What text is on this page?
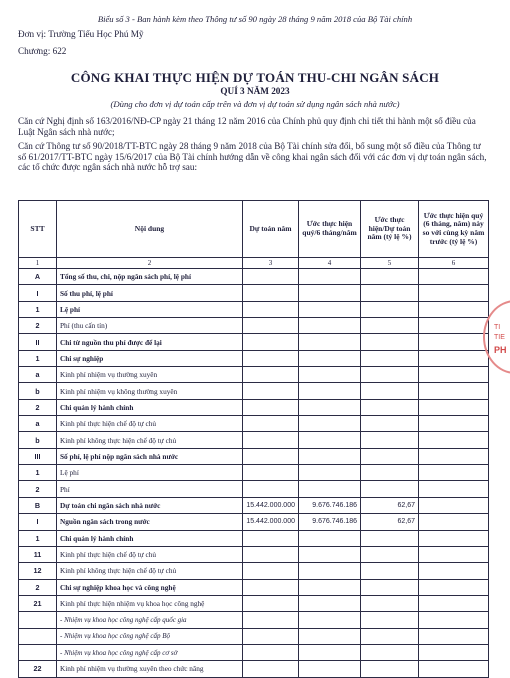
Biểu số 3 - Ban hành kèm theo Thông tư số 90 ngày 28 tháng 9 năm 2018 của Bộ Tài chính
Đơn vị: Trường Tiểu Học Phú Mỹ
Chương: 622
CÔNG KHAI THỰC HIỆN DỰ TOÁN THU-CHI NGÂN SÁCH
QUÍ 3 NĂM 2023
(Dùng cho đơn vị dự toán cấp trên và đơn vị dự toán sử dụng ngân sách nhà nước)
Căn cứ Nghị định số 163/2016/NĐ-CP ngày 21 tháng 12 năm 2016 của Chính phủ quy định chi tiết thi hành một số điều của Luật Ngân sách nhà nước;
Căn cứ Thông tư số 90/2018/TT-BTC ngày 28 tháng 9 năm 2018 của Bộ Tài chính sửa đổi, bổ sung một số điều của Thông tư số 61/2017/TT-BTC ngày 15/6/2017 của Bộ Tài chính hướng dẫn về công khai ngân sách đối với các đơn vị dự toán ngân sách, các tổ chức được ngân sách nhà nước hỗ trợ sau:
STT	Nội dung	Dự toán năm	Ước thực hiện quý/6 tháng/năm	Ước thực hiện/Dự toán năm (tỷ lệ %)	Ước thực hiện quý (6 tháng, năm) này so với cùng kỳ năm trước (tỷ lệ %)
1	2	3	4	5	6
A	Tổng số thu, chi, nộp ngân sách phí, lệ phí				
I	Số thu phí, lệ phí				
1	Lệ phí				
2	Phí (thu cấn tín)				
II	Chi từ nguồn thu phí được để lại				
1	Chi sự nghiệp				
a	Kinh phí nhiệm vụ thường xuyên				
b	Kinh phí nhiệm vụ không thường xuyên				
2	Chi quản lý hành chính				
a	Kinh phí thực hiện chế độ tự chủ				
b	Kinh phí không thực hiện chế độ tự chủ				
III	Số phí, lệ phí nộp ngân sách nhà nước				
1	Lệ phí				
2	Phí				
B	Dự toán chi ngân sách nhà nước	15.442.000.000	9.676.746.186	62,67	
I	Nguồn ngân sách trong nước	15.442.000.000	9.676.746.186	62,67	
1	Chi quản lý hành chính				
11	Kinh phí thực hiện chế độ tự chủ				
12	Kinh phí không thực hiện chế độ tự chủ				
2	Chi sự nghiệp khoa học và công nghệ				
21	Kinh phí thực hiện nhiệm vụ khoa học công nghệ				
	- Nhiệm vụ khoa học công nghệ cấp quốc gia				
	- Nhiệm vụ khoa học công nghệ cấp Bộ				
	- Nhiệm vụ khoa học công nghệ cấp cơ sở				
22	Kinh phí nhiệm vụ thường xuyên theo chức năng				
TI
TIE
PH
